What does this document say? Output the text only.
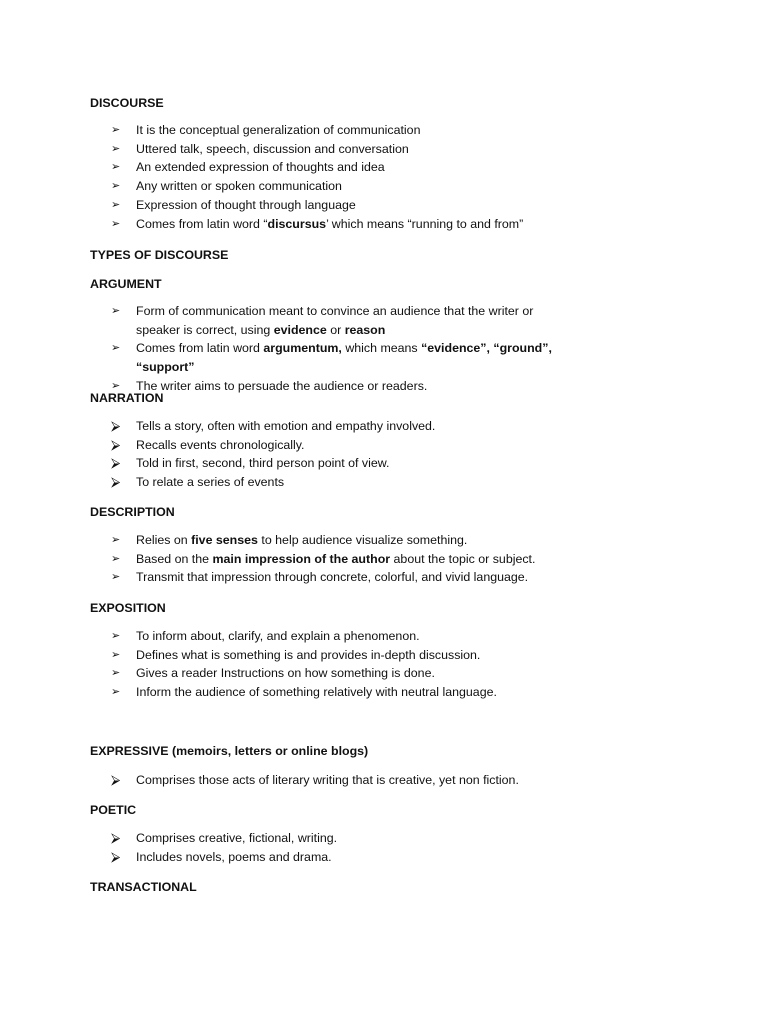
DISCOURSE
➢	It is the conceptual generalization of communication
➢	Uttered talk, speech, discussion and conversation
➢	An extended expression of thoughts and idea
➢	Any written or spoken communication
➢	Expression of thought through language
➢	Comes from latin word “discursus’ which means “running to and from”
TYPES OF DISCOURSE
ARGUMENT
➢	Form of communication meant to convince an audience that the writer or speaker is correct, using evidence or reason
➢	Comes from latin word argumentum, which means “evidence”, “ground”, “support”
➢	The writer aims to persuade the audience or readers.
NARRATION
⮚	Tells a story, often with emotion and empathy involved.
⮚	Recalls events chronologically.
⮚	Told in first, second, third person point of view.
⮚	To relate a series of events
DESCRIPTION
➢	Relies on five senses to help audience visualize something.
➢	Based on the main impression of the author about the topic or subject.
➢	Transmit that impression through concrete, colorful, and vivid language.
EXPOSITION
➢	To inform about, clarify, and explain a phenomenon.
➢	Defines what is something is and provides in-depth discussion.
➢	Gives a reader Instructions on how something is done.
➢	Inform the audience of something relatively with neutral language.
EXPRESSIVE (memoirs, letters or online blogs)
⮚	Comprises those acts of literary writing that is creative, yet non fiction.
POETIC
⮚	Comprises creative, fictional, writing.
⮚	Includes novels, poems and drama.
TRANSACTIONAL
